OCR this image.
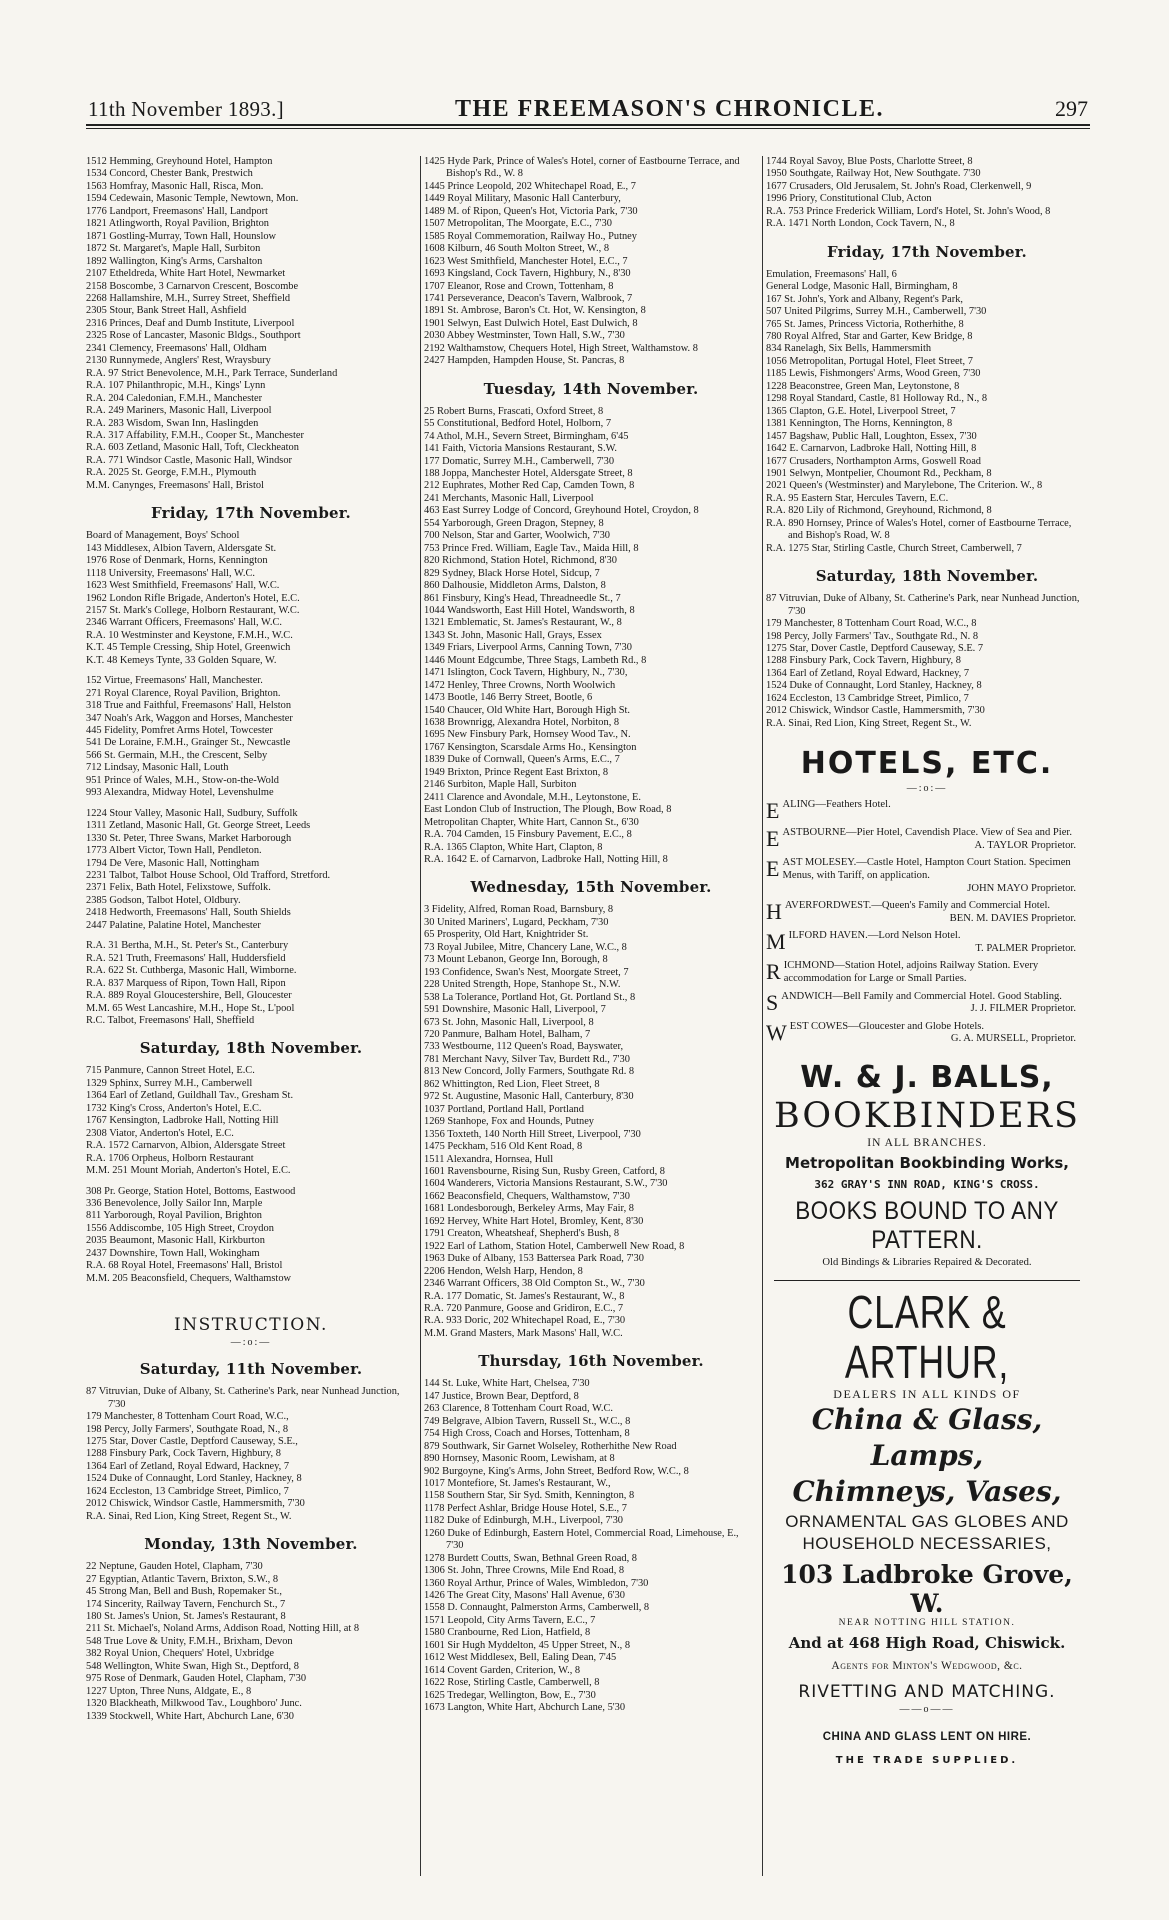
11th November 1893.]	THE FREEMASON'S CHRONICLE.	297
1512 Hemming, Greyhound Hotel, Hampton
1534 Concord, Chester Bank, Prestwich
1563 Homfray, Masonic Hall, Risca, Mon.
1594 Cedewain, Masonic Temple, Newtown, Mon.
1776 Landport, Freemasons' Hall, Landport
1821 Atlingworth, Royal Pavilion, Brighton
1871 Gostling-Murray, Town Hall, Hounslow
1872 St. Margaret's, Maple Hall, Surbiton
1892 Wallington, King's Arms, Carshalton
2107 Etheldreda, White Hart Hotel, Newmarket
2158 Boscombe, 3 Carnarvon Crescent, Boscombe
2268 Hallamshire, M.H., Surrey Street, Sheffield
2305 Stour, Bank Street Hall, Ashfield
2316 Princes, Deaf and Dumb Institute, Liverpool
2325 Rose of Lancaster, Masonic Bldgs., Southport
2341 Clemency, Freemasons' Hall, Oldham
2130 Runnymede, Anglers' Rest, Wraysbury
R.A. 97 Strict Benevolence, M.H., Park Terrace, Sunderland
R.A. 107 Philanthropic, M.H., Kings' Lynn
R.A. 204 Caledonian, F.M.H., Manchester
R.A. 249 Mariners, Masonic Hall, Liverpool
R.A. 283 Wisdom, Swan Inn, Haslingden
R.A. 317 Affability, F.M.H., Cooper St., Manchester
R.A. 603 Zetland, Masonic Hall, Toft, Cleckheaton
R.A. 771 Windsor Castle, Masonic Hall, Windsor
R.A. 2025 St. George, F.M.H., Plymouth
M.M. Canynges, Freemasons' Hall, Bristol
Friday, 17th November.
Board of Management, Boys' School
143 Middlesex, Albion Tavern, Aldersgate St.
1976 Rose of Denmark, Horns, Kennington
1118 University, Freemasons' Hall, W.C.
1623 West Smithfield, Freemasons' Hall, W.C.
1962 London Rifle Brigade, Anderton's Hotel, E.C.
2157 St. Mark's College, Holborn Restaurant, W.C.
2346 Warrant Officers, Freemasons' Hall, W.C.
R.A. 10 Westminster and Keystone, F.M.H., W.C.
K.T. 45 Temple Cressing, Ship Hotel, Greenwich
K.T. 48 Kemeys Tynte, 33 Golden Square, W.
152 Virtue, Freemasons' Hall, Manchester.
271 Royal Clarence, Royal Pavilion, Brighton.
318 True and Faithful, Freemasons' Hall, Helston
347 Noah's Ark, Waggon and Horses, Manchester
445 Fidelity, Pomfret Arms Hotel, Towcester
541 De Loraine, F.M.H., Grainger St., Newcastle
566 St. Germain, M.H., the Crescent, Selby
712 Lindsay, Masonic Hall, Louth
951 Prince of Wales, M.H., Stow-on-the-Wold
993 Alexandra, Midway Hotel, Levenshulme
1224 Stour Valley, Masonic Hall, Sudbury, Suffolk
1311 Zetland, Masonic Hall, Gt. George Street, Leeds
1330 St. Peter, Three Swans, Market Harborough
1773 Albert Victor, Town Hall, Pendleton.
1794 De Vere, Masonic Hall, Nottingham
2231 Talbot, Talbot House School, Old Trafford, Stretford.
2371 Felix, Bath Hotel, Felixstowe, Suffolk.
2385 Godson, Talbot Hotel, Oldbury.
2418 Hedworth, Freemasons' Hall, South Shields
2447 Palatine, Palatine Hotel, Manchester
R.A. 31 Bertha, M.H., St. Peter's St., Canterbury
R.A. 521 Truth, Freemasons' Hall, Huddersfield
R.A. 622 St. Cuthberga, Masonic Hall, Wimborne.
R.A. 837 Marquess of Ripon, Town Hall, Ripon
R.A. 889 Royal Gloucestershire, Bell, Gloucester
M.M. 65 West Lancashire, M.H., Hope St., L'pool
R.C. Talbot, Freemasons' Hall, Sheffield
Saturday, 18th November.
715 Panmure, Cannon Street Hotel, E.C.
1329 Sphinx, Surrey M.H., Camberwell
1364 Earl of Zetland, Guildhall Tav., Gresham St.
1732 King's Cross, Anderton's Hotel, E.C.
1767 Kensington, Ladbroke Hall, Notting Hill
2308 Viator, Anderton's Hotel, E.C.
R.A. 1572 Carnarvon, Albion, Aldersgate Street
R.A. 1706 Orpheus, Holborn Restaurant
M.M. 251 Mount Moriah, Anderton's Hotel, E.C.
308 Pr. George, Station Hotel, Bottoms, Eastwood
336 Benevolence, Jolly Sailor Inn, Marple
811 Yarborough, Royal Pavilion, Brighton
1556 Addiscombe, 105 High Street, Croydon
2035 Beaumont, Masonic Hall, Kirkburton
2437 Downshire, Town Hall, Wokingham
R.A. 68 Royal Hotel, Freemasons' Hall, Bristol
M.M. 205 Beaconsfield, Chequers, Walthamstow
INSTRUCTION.
—:o:—
Saturday, 11th November.
87 Vitruvian, Duke of Albany, St. Catherine's Park, near Nunhead Junction, 7'30
179 Manchester, 8 Tottenham Court Road, W.C.,
198 Percy, Jolly Farmers', Southgate Road, N., 8
1275 Star, Dover Castle, Deptford Causeway, S.E.,
1288 Finsbury Park, Cock Tavern, Highbury, 8
1364 Earl of Zetland, Royal Edward, Hackney, 7
1524 Duke of Connaught, Lord Stanley, Hackney, 8
1624 Eccleston, 13 Cambridge Street, Pimlico, 7
2012 Chiswick, Windsor Castle, Hammersmith, 7'30
R.A. Sinai, Red Lion, King Street, Regent St., W.
Monday, 13th November.
22 Neptune, Gauden Hotel, Clapham, 7'30
27 Egyptian, Atlantic Tavern, Brixton, S.W., 8
45 Strong Man, Bell and Bush, Ropemaker St.,
174 Sincerity, Railway Tavern, Fenchurch St., 7
180 St. James's Union, St. James's Restaurant, 8
211 St. Michael's, Noland Arms, Addison Road, Notting Hill, at 8
548 True Love & Unity, F.M.H., Brixham, Devon
382 Royal Union, Chequers' Hotel, Uxbridge
548 Wellington, White Swan, High St., Deptford, 8
975 Rose of Denmark, Gauden Hotel, Clapham, 7'30
1227 Upton, Three Nuns, Aldgate, E., 8
1320 Blackheath, Milkwood Tav., Loughboro' Junc.
1339 Stockwell, White Hart, Abchurch Lane, 6'30
1425 Hyde Park, Prince of Wales's Hotel, corner of Eastbourne Terrace, and Bishop's Rd., W. 8
1445 Prince Leopold, 202 Whitechapel Road, E., 7
1449 Royal Military, Masonic Hall Canterbury,
1489 M. of Ripon, Queen's Hot, Victoria Park, 7'30
1507 Metropolitan, The Moorgate, E.C., 7'30
1585 Royal Commemoration, Railway Ho., Putney
1608 Kilburn, 46 South Molton Street, W., 8
1623 West Smithfield, Manchester Hotel, E.C., 7
1693 Kingsland, Cock Tavern, Highbury, N., 8'30
1707 Eleanor, Rose and Crown, Tottenham, 8
1741 Perseverance, Deacon's Tavern, Walbrook, 7
1891 St. Ambrose, Baron's Ct. Hot, W. Kensington, 8
1901 Selwyn, East Dulwich Hotel, East Dulwich, 8
2030 Abbey Westminster, Town Hall, S.W., 7'30
2192 Walthamstow, Chequers Hotel, High Street, Walthamstow. 8
2427 Hampden, Hampden House, St. Pancras, 8
Tuesday, 14th November.
25 Robert Burns, Frascati, Oxford Street, 8
55 Constitutional, Bedford Hotel, Holborn, 7
74 Athol, M.H., Severn Street, Birmingham, 6'45
141 Faith, Victoria Mansions Restaurant, S.W.
177 Domatic, Surrey M.H., Camberwell, 7'30
188 Joppa, Manchester Hotel, Aldersgate Street, 8
212 Euphrates, Mother Red Cap, Camden Town, 8
241 Merchants, Masonic Hall, Liverpool
463 East Surrey Lodge of Concord, Greyhound Hotel, Croydon, 8
554 Yarborough, Green Dragon, Stepney, 8
700 Nelson, Star and Garter, Woolwich, 7'30
753 Prince Fred. William, Eagle Tav., Maida Hill, 8
820 Richmond, Station Hotel, Richmond, 8'30
829 Sydney, Black Horse Hotel, Sidcup, 7
860 Dalhousie, Middleton Arms, Dalston, 8
861 Finsbury, King's Head, Threadneedle St., 7
1044 Wandsworth, East Hill Hotel, Wandsworth, 8
1321 Emblematic, St. James's Restaurant, W., 8
1343 St. John, Masonic Hall, Grays, Essex
1349 Friars, Liverpool Arms, Canning Town, 7'30
1446 Mount Edgcumbe, Three Stags, Lambeth Rd., 8
1471 Islington, Cock Tavern, Highbury, N., 7'30,
1472 Henley, Three Crowns, North Woolwich
1473 Bootle, 146 Berry Street, Bootle, 6
1540 Chaucer, Old White Hart, Borough High St.
1638 Brownrigg, Alexandra Hotel, Norbiton, 8
1695 New Finsbury Park, Hornsey Wood Tav., N.
1767 Kensington, Scarsdale Arms Ho., Kensington
1839 Duke of Cornwall, Queen's Arms, E.C., 7
1949 Brixton, Prince Regent East Brixton, 8
2146 Surbiton, Maple Hall, Surbiton
2411 Clarence and Avondale, M.H., Leytonstone, E.
East London Club of Instruction, The Plough, Bow Road, 8
Metropolitan Chapter, White Hart, Cannon St., 6'30
R.A. 704 Camden, 15 Finsbury Pavement, E.C., 8
R.A. 1365 Clapton, White Hart, Clapton, 8
R.A. 1642 E. of Carnarvon, Ladbroke Hall, Notting Hill, 8
Wednesday, 15th November.
3 Fidelity, Alfred, Roman Road, Barnsbury, 8
30 United Mariners', Lugard, Peckham, 7'30
65 Prosperity, Old Hart, Knightrider St.
73 Royal Jubilee, Mitre, Chancery Lane, W.C., 8
73 Mount Lebanon, George Inn, Borough, 8
193 Confidence, Swan's Nest, Moorgate Street, 7
228 United Strength, Hope, Stanhope St., N.W.
538 La Tolerance, Portland Hot, Gt. Portland St., 8
591 Downshire, Masonic Hall, Liverpool, 7
673 St. John, Masonic Hall, Liverpool, 8
720 Panmure, Balham Hotel, Balham, 7
733 Westbourne, 112 Queen's Road, Bayswater,
781 Merchant Navy, Silver Tav, Burdett Rd., 7'30
813 New Concord, Jolly Farmers, Southgate Rd. 8
862 Whittington, Red Lion, Fleet Street, 8
972 St. Augustine, Masonic Hall, Canterbury, 8'30
1037 Portland, Portland Hall, Portland
1269 Stanhope, Fox and Hounds, Putney
1356 Toxteth, 140 North Hill Street, Liverpool, 7'30
1475 Peckham, 516 Old Kent Road, 8
1511 Alexandra, Hornsea, Hull
1601 Ravensbourne, Rising Sun, Rusby Green, Catford, 8
1604 Wanderers, Victoria Mansions Restaurant, S.W., 7'30
1662 Beaconsfield, Chequers, Walthamstow, 7'30
1681 Londesborough, Berkeley Arms, May Fair, 8
1692 Hervey, White Hart Hotel, Bromley, Kent, 8'30
1791 Creaton, Wheatsheaf, Shepherd's Bush, 8
1922 Earl of Lathom, Station Hotel, Camberwell New Road, 8
1963 Duke of Albany, 153 Battersea Park Road, 7'30
2206 Hendon, Welsh Harp, Hendon, 8
2346 Warrant Officers, 38 Old Compton St., W., 7'30
R.A. 177 Domatic, St. James's Restaurant, W., 8
R.A. 720 Panmure, Goose and Gridiron, E.C., 7
R.A. 933 Doric, 202 Whitechapel Road, E., 7'30
M.M. Grand Masters, Mark Masons' Hall, W.C.
Thursday, 16th November.
144 St. Luke, White Hart, Chelsea, 7'30
147 Justice, Brown Bear, Deptford, 8
263 Clarence, 8 Tottenham Court Road, W.C.
749 Belgrave, Albion Tavern, Russell St., W.C., 8
754 High Cross, Coach and Horses, Tottenham, 8
879 Southwark, Sir Garnet Wolseley, Rotherhithe New Road
890 Hornsey, Masonic Room, Lewisham, at 8
902 Burgoyne, King's Arms, John Street, Bedford Row, W.C., 8
1017 Montefiore, St. James's Restaurant, W.,
1158 Southern Star, Sir Syd. Smith, Kennington, 8
1178 Perfect Ashlar, Bridge House Hotel, S.E., 7
1182 Duke of Edinburgh, M.H., Liverpool, 7'30
1260 Duke of Edinburgh, Eastern Hotel, Commercial Road, Limehouse, E., 7'30
1278 Burdett Coutts, Swan, Bethnal Green Road, 8
1306 St. John, Three Crowns, Mile End Road, 8
1360 Royal Arthur, Prince of Wales, Wimbledon, 7'30
1426 The Great City, Masons' Hall Avenue, 6'30
1558 D. Connaught, Palmerston Arms, Camberwell, 8
1571 Leopold, City Arms Tavern, E.C., 7
1580 Cranbourne, Red Lion, Hatfield, 8
1601 Sir Hugh Myddelton, 45 Upper Street, N., 8
1612 West Middlesex, Bell, Ealing Dean, 7'45
1614 Covent Garden, Criterion, W., 8
1622 Rose, Stirling Castle, Camberwell, 8
1625 Tredegar, Wellington, Bow, E., 7'30
1673 Langton, White Hart, Abchurch Lane, 5'30
1744 Royal Savoy, Blue Posts, Charlotte Street, 8
1950 Southgate, Railway Hot, New Southgate. 7'30
1677 Crusaders, Old Jerusalem, St. John's Road, Clerkenwell, 9
1996 Priory, Constitutional Club, Acton
R.A. 753 Prince Frederick William, Lord's Hotel, St. John's Wood, 8
R.A. 1471 North London, Cock Tavern, N., 8
Friday, 17th November.
Emulation, Freemasons' Hall, 6
General Lodge, Masonic Hall, Birmingham, 8
167 St. John's, York and Albany, Regent's Park,
507 United Pilgrims, Surrey M.H., Camberwell, 7'30
765 St. James, Princess Victoria, Rotherhithe, 8
780 Royal Alfred, Star and Garter, Kew Bridge, 8
834 Ranelagh, Six Bells, Hammersmith
1056 Metropolitan, Portugal Hotel, Fleet Street, 7
1185 Lewis, Fishmongers' Arms, Wood Green, 7'30
1228 Beaconstree, Green Man, Leytonstone, 8
1298 Royal Standard, Castle, 81 Holloway Rd., N., 8
1365 Clapton, G.E. Hotel, Liverpool Street, 7
1381 Kennington, The Horns, Kennington, 8
1457 Bagshaw, Public Hall, Loughton, Essex, 7'30
1642 E. Carnarvon, Ladbroke Hall, Notting Hill, 8
1677 Crusaders, Northampton Arms, Goswell Road
1901 Selwyn, Montpelier, Choumont Rd., Peckham, 8
2021 Queen's (Westminster) and Marylebone, The Criterion. W., 8
R.A. 95 Eastern Star, Hercules Tavern, E.C.
R.A. 820 Lily of Richmond, Greyhound, Richmond, 8
R.A. 890 Hornsey, Prince of Wales's Hotel, corner of Eastbourne Terrace, and Bishop's Road, W. 8
R.A. 1275 Star, Stirling Castle, Church Street, Camberwell, 7
Saturday, 18th November.
87 Vitruvian, Duke of Albany, St. Catherine's Park, near Nunhead Junction, 7'30
179 Manchester, 8 Tottenham Court Road, W.C., 8
198 Percy, Jolly Farmers' Tav., Southgate Rd., N. 8
1275 Star, Dover Castle, Deptford Causeway, S.E. 7
1288 Finsbury Park, Cock Tavern, Highbury, 8
1364 Earl of Zetland, Royal Edward, Hackney, 7
1524 Duke of Connaught, Lord Stanley, Hackney, 8
1624 Eccleston, 13 Cambridge Street, Pimlico, 7
2012 Chiswick, Windsor Castle, Hammersmith, 7'30
R.A. Sinai, Red Lion, King Street, Regent St., W.
HOTELS, ETC.
—:o:—
EALING—Feathers Hotel.
EASTBOURNE—Pier Hotel, Cavendish Place. View of Sea and Pier.
A. TAYLOR Proprietor.
EAST MOLESEY.—Castle Hotel, Hampton Court Station. Specimen Menus, with Tariff, on application.
JOHN MAYO Proprietor.
HAVERFORDWEST.—Queen's Family and Commercial Hotel.
BEN. M. DAVIES Proprietor.
MILFORD HAVEN.—Lord Nelson Hotel.
T. PALMER Proprietor.
RICHMOND—Station Hotel, adjoins Railway Station. Every accommodation for Large or Small Parties.
SANDWICH—Bell Family and Commercial Hotel. Good Stabling.
J. J. FILMER Proprietor.
WEST COWES—Gloucester and Globe Hotels.
G. A. MURSELL, Proprietor.
W. & J. BALLS,
BOOKBINDERS
IN ALL BRANCHES.
Metropolitan Bookbinding Works,
362 GRAY'S INN ROAD, KING'S CROSS.
BOOKS BOUND TO ANY PATTERN.
Old Bindings & Libraries Repaired & Decorated.
CLARK & ARTHUR,
DEALERS IN ALL KINDS OF
China & Glass, Lamps,
Chimneys, Vases,
ORNAMENTAL GAS GLOBES AND
HOUSEHOLD NECESSARIES,
103 Ladbroke Grove, W.
NEAR NOTTING HILL STATION.
And at 468 High Road, Chiswick.
Agents for Minton's Wedgwood, &c.
RIVETTING AND MATCHING.
——o——
CHINA AND GLASS LENT ON HIRE.
THE TRADE SUPPLIED.
